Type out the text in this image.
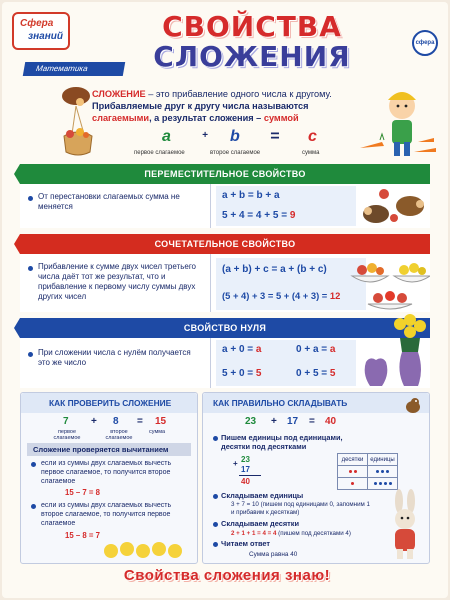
Сфера
знаний
Математика
СВОЙСТВА
СЛОЖЕНИЯ	сфера
СЛОЖЕНИЕ – это прибавление одного числа к другому.
Прибавляемые друг к другу числа называются
слагаемыми, а результат сложения – суммой
a	+ b = c
первое слагаемое	второе слагаемое	сумма
ПЕРЕМЕСТИТЕЛЬНОЕ СВОЙСТВО
От перестановки слагаемых сумма не меняется
a + b = b + a
5 + 4 = 4 + 5 = 9
СОЧЕТАТЕЛЬНОЕ СВОЙСТВО
Прибавление к сумме двух чисел третьего числа даёт тот же результат, что и прибавление к первому числу суммы двух других чисел
(a + b) + c = a + (b + c)
(5 + 4) + 3 = 5 + (4 + 3) = 12
СВОЙСТВО НУЛЯ
При сложении числа с нулём получается это же число
a + 0 = a	0 + a = a
5 + 0 = 5	0 + 5 = 5
КАК ПРОВЕРИТЬ СЛОЖЕНИЕ
7 + 8 = 15
первое слагаемое
второе слагаемое
сумма
Сложение проверяется вычитанием
если из суммы двух слагаемых вычесть первое слагаемое, то получится второе слагаемое
15 – 7 = 8
если из суммы двух слагаемых вычесть второе слагаемое, то получится первое слагаемое
15 – 8 = 7
КАК ПРАВИЛЬНО СКЛАДЫВАТЬ
23 + 17 = 40
Пишем единицы под единицами, десятки под десятками
+ 23
17
40
десятки	единицы

Складываем единицы
3 + 7 = 10 (пишем под единицами 0, запомним 1 и прибавим к десяткам)
Складываем десятки
2 + 1 + 1 = 4 = 4 (пишем под десятками 4)
Читаем ответ
Сумма равна 40
Свойства сложения знаю!
